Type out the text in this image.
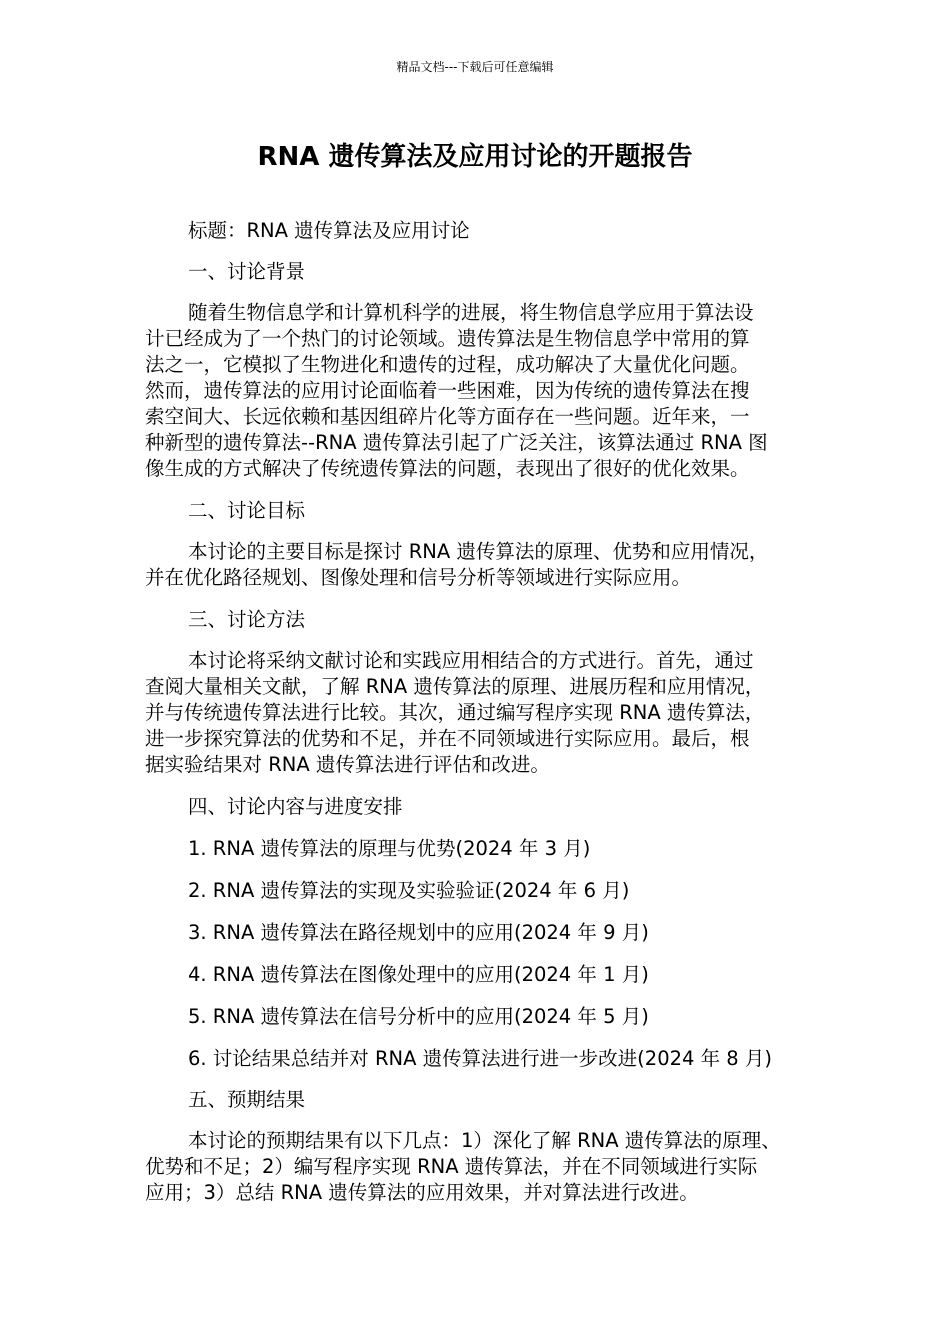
精品文档---下载后可任意编辑
RNA 遗传算法及应用讨论的开题报告

标题：RNA 遗传算法及应用讨论

一、讨论背景

随着生物信息学和计算机科学的进展，将生物信息学应用于算法设

计已经成为了一个热门的讨论领域。遗传算法是生物信息学中常用的算

法之一，它模拟了生物进化和遗传的过程，成功解决了大量优化问题。

然而，遗传算法的应用讨论面临着一些困难，因为传统的遗传算法在搜

索空间大、长远依赖和基因组碎片化等方面存在一些问题。近年来，一

种新型的遗传算法--RNA 遗传算法引起了广泛关注，该算法通过 RNA 图

像生成的方式解决了传统遗传算法的问题，表现出了很好的优化效果。

二、讨论目标

本讨论的主要目标是探讨 RNA 遗传算法的原理、优势和应用情况，

并在优化路径规划、图像处理和信号分析等领域进行实际应用。

三、讨论方法

本讨论将采纳文献讨论和实践应用相结合的方式进行。首先，通过

查阅大量相关文献，了解 RNA 遗传算法的原理、进展历程和应用情况，

并与传统遗传算法进行比较。其次，通过编写程序实现 RNA 遗传算法，

进一步探究算法的优势和不足，并在不同领域进行实际应用。最后，根

据实验结果对 RNA 遗传算法进行评估和改进。

四、讨论内容与进度安排

1. RNA 遗传算法的原理与优势(2024 年 3 月)

2. RNA 遗传算法的实现及实验验证(2024 年 6 月)

3. RNA 遗传算法在路径规划中的应用(2024 年 9 月)

4. RNA 遗传算法在图像处理中的应用(2024 年 1 月)

5. RNA 遗传算法在信号分析中的应用(2024 年 5 月)

6. 讨论结果总结并对 RNA 遗传算法进行进一步改进(2024 年 8 月)

五、预期结果

本讨论的预期结果有以下几点：1）深化了解 RNA 遗传算法的原理、

优势和不足；2）编写程序实现 RNA 遗传算法，并在不同领域进行实际

应用；3）总结 RNA 遗传算法的应用效果，并对算法进行改进。
